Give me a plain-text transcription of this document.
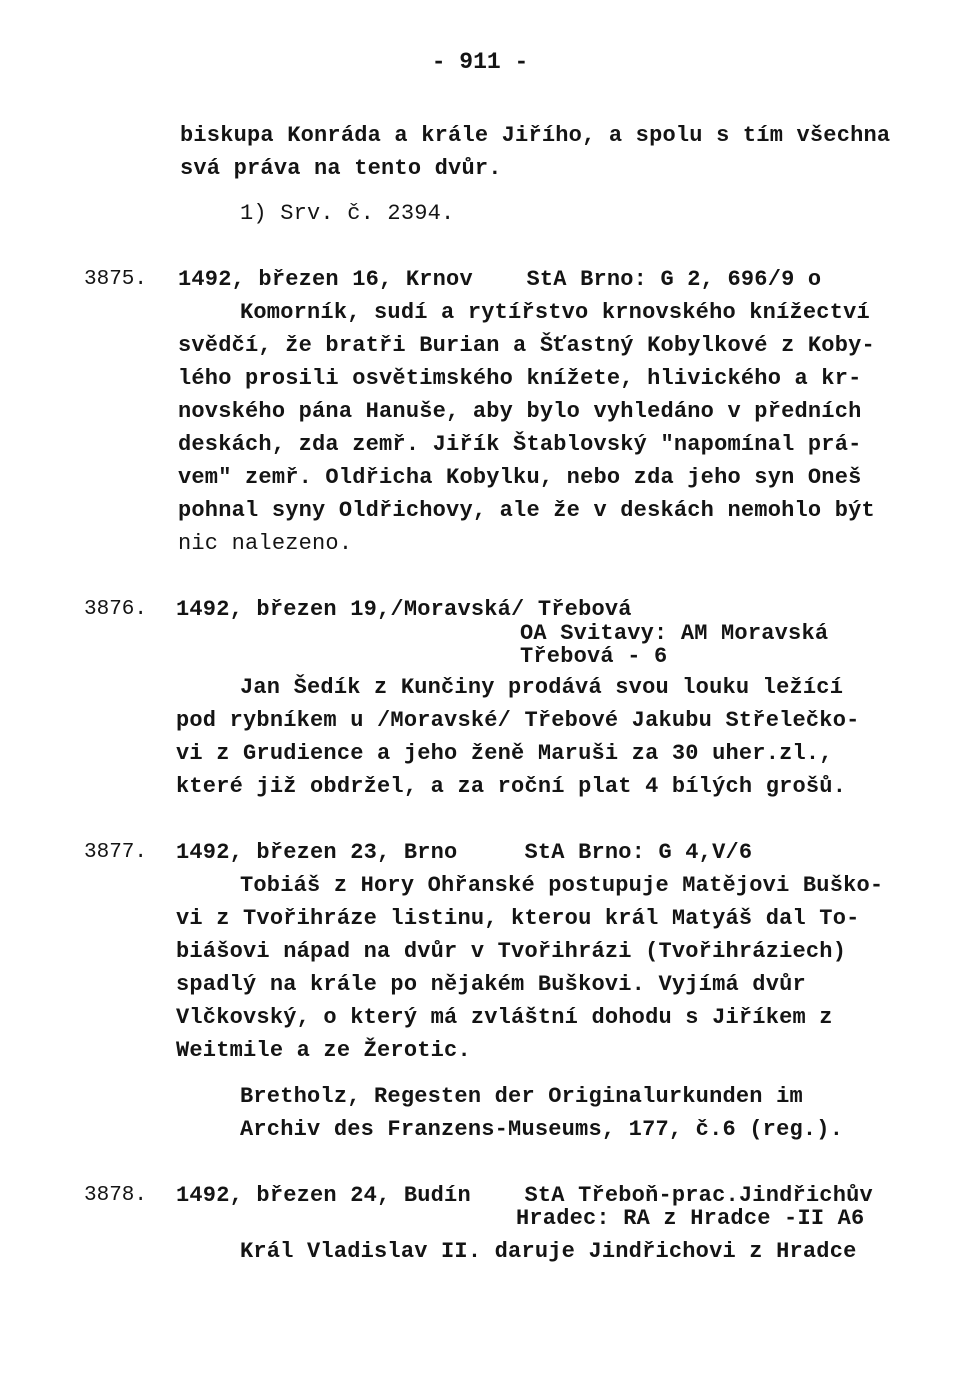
- 911 -
biskupa Konráda a krále Jiřího, a spolu s tím všechna
svá práva na tento dvůr.
1) Srv. č. 2394.
3875. 1492, březen 16, Krnov    StA Brno: G 2, 696/9 o
Komorník, sudí a rytířstvo krnovského knížectví
svědčí, že bratři Burian a Šťastný Kobylkové z Koby-
lého prosili osvětimského knížete, hlivického a kr-
novského pána Hanuše, aby bylo vyhledáno v předních
deskách, zda zemř. Jiřík Štablovský "napomínal prá-
vem" zemř. Oldřicha Kobylku, nebo zda jeho syn Oneš
pohnal syny Oldřichovy, ale že v deskách nemohlo být
nic nalezeno.
3876. 1492, březen 19,/Moravská/ Třebová
OA Svitavy: AM Moravská
Třebová - 6
Jan Šedík z Kunčiny prodává svou louku ležící
pod rybníkem u /Moravské/ Třebové Jakubu Střelečko-
vi z Grudience a jeho ženě Maruši za 30 uher.zl.,
které již obdržel, a za roční plat 4 bílých grošů.
3877. 1492, březen 23, Brno     StA Brno: G 4,V/6
Tobiáš z Hory Ohřanské postupuje Matějovi Buško-
vi z Tvořihráze listinu, kterou král Matyáš dal To-
biášovi nápad na dvůr v Tvořihrázi (Tvořihráziech)
spadlý na krále po nějakém Buškovi. Vyjímá dvůr
Vlčkovský, o který má zvláštní dohodu s Jiříkem z
Weitmile a ze Žerotic.
Bretholz, Regesten der Originalurkunden im
Archiv des Franzens-Museums, 177, č.6 (reg.).
3878. 1492, březen 24, Budín    StA Třeboň-prac.Jindřichův
Hradec: RA z Hradce -II A6
Král Vladislav II. daruje Jindřichovi z Hradce
